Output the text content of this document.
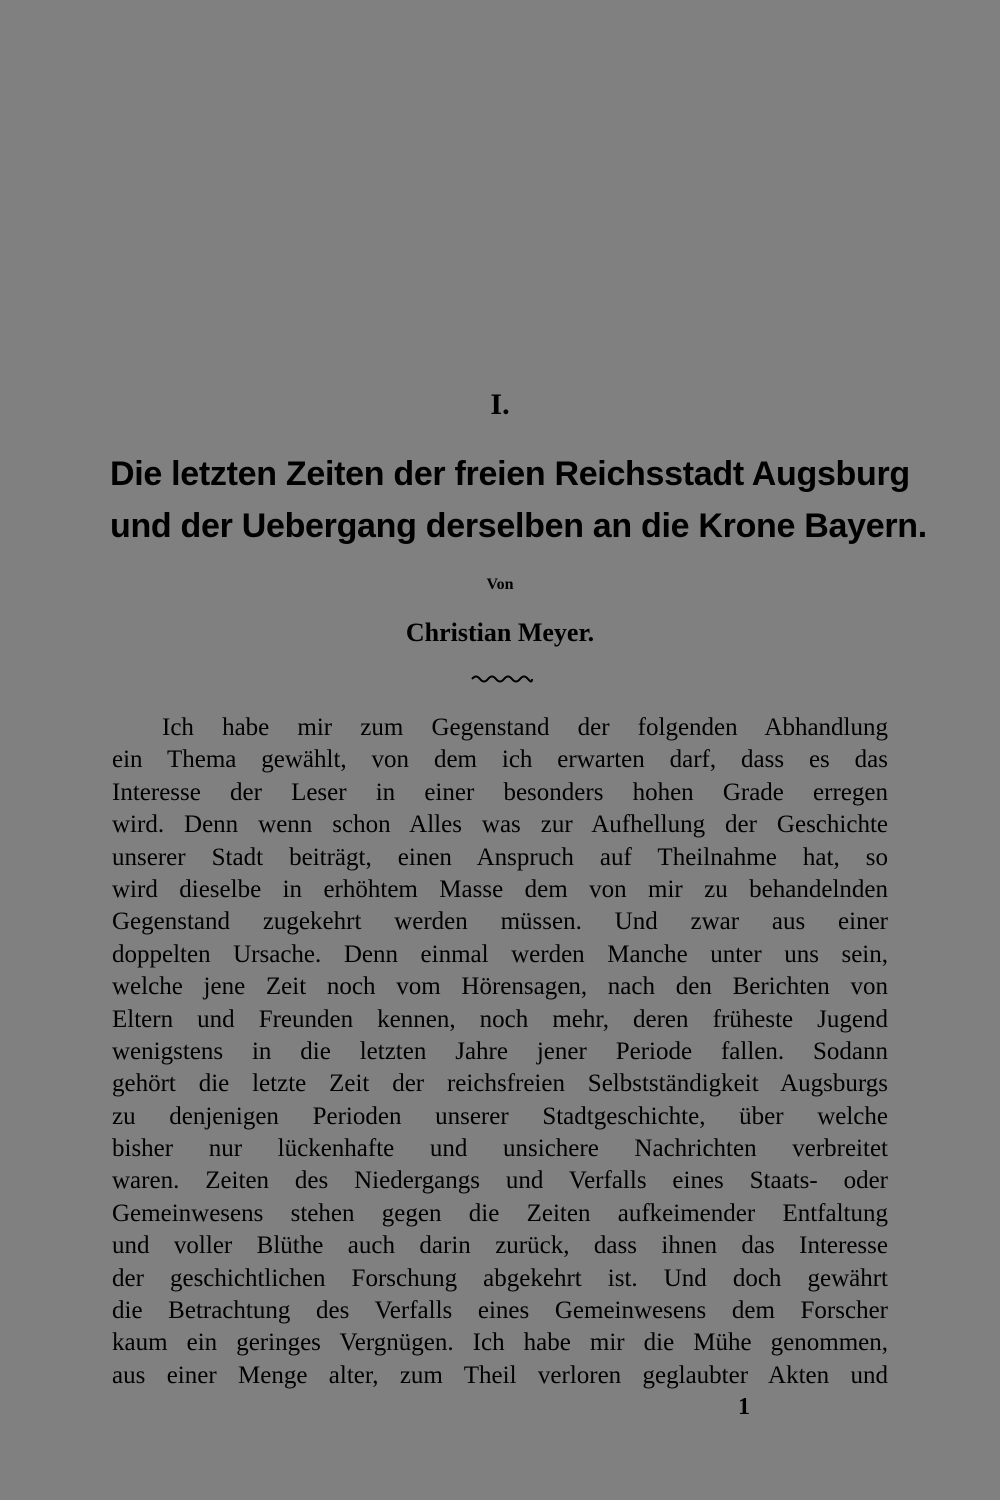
I.
Die letzten Zeiten der freien Reichsstadt Augsburg
und der Uebergang derselben an die Krone Bayern.
Von
Christian Meyer.
Ich habe mir zum Gegenstand der folgenden Abhandlung
ein Thema gewählt, von dem ich erwarten darf, dass es das
Interesse der Leser in einer besonders hohen Grade erregen
wird. Denn wenn schon Alles was zur Aufhellung der Geschichte
unserer Stadt beiträgt, einen Anspruch auf Theilnahme hat, so
wird dieselbe in erhöhtem Masse dem von mir zu behandelnden
Gegenstand zugekehrt werden müssen. Und zwar aus einer
doppelten Ursache. Denn einmal werden Manche unter uns sein,
welche jene Zeit noch vom Hörensagen, nach den Berichten von
Eltern und Freunden kennen, noch mehr, deren früheste Jugend
wenigstens in die letzten Jahre jener Periode fallen. Sodann
gehört die letzte Zeit der reichsfreien Selbstständigkeit Augsburgs
zu denjenigen Perioden unserer Stadtgeschichte, über welche
bisher nur lückenhafte und unsichere Nachrichten verbreitet
waren. Zeiten des Niedergangs und Verfalls eines Staats- oder
Gemeinwesens stehen gegen die Zeiten aufkeimender Entfaltung
und voller Blüthe auch darin zurück, dass ihnen das Interesse
der geschichtlichen Forschung abgekehrt ist. Und doch gewährt
die Betrachtung des Verfalls eines Gemeinwesens dem Forscher
kaum ein geringes Vergnügen. Ich habe mir die Mühe genommen,
aus einer Menge alter, zum Theil verloren geglaubter Akten und
1
